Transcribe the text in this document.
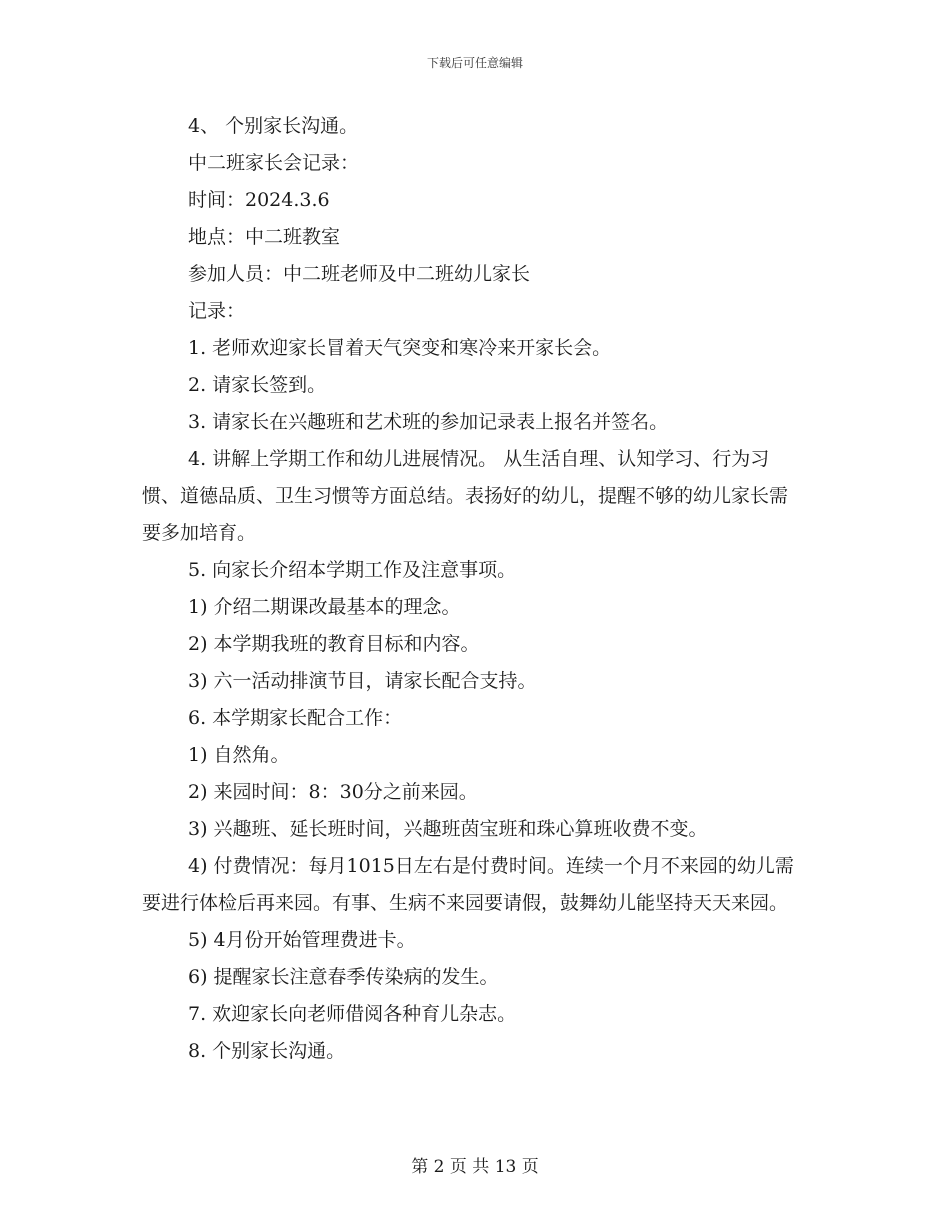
下载后可任意编辑

4、 个别家长沟通。

中二班家长会记录：

时间：2024.3.6

地点：中二班教室

参加人员：中二班老师及中二班幼儿家长

记录：

1. 老师欢迎家长冒着天气突变和寒冷来开家长会。

2. 请家长签到。

3. 请家长在兴趣班和艺术班的参加记录表上报名并签名。

4. 讲解上学期工作和幼儿进展情况。 从生活自理、认知学习、行为习惯、道德品质、卫生习惯等方面总结。表扬好的幼儿，提醒不够的幼儿家长需要多加培育。

5. 向家长介绍本学期工作及注意事项。

1) 介绍二期课改最基本的理念。

2) 本学期我班的教育目标和内容。

3) 六一活动排演节目，请家长配合支持。

6. 本学期家长配合工作：

1) 自然角。

2) 来园时间：8：30分之前来园。

3) 兴趣班、延长班时间，兴趣班茵宝班和珠心算班收费不变。

4) 付费情况：每月1015日左右是付费时间。连续一个月不来园的幼儿需要进行体检后再来园。有事、生病不来园要请假，鼓舞幼儿能坚持天天来园。

5) 4月份开始管理费进卡。

6) 提醒家长注意春季传染病的发生。

7. 欢迎家长向老师借阅各种育儿杂志。

8. 个别家长沟通。

第 2 页 共 13 页
